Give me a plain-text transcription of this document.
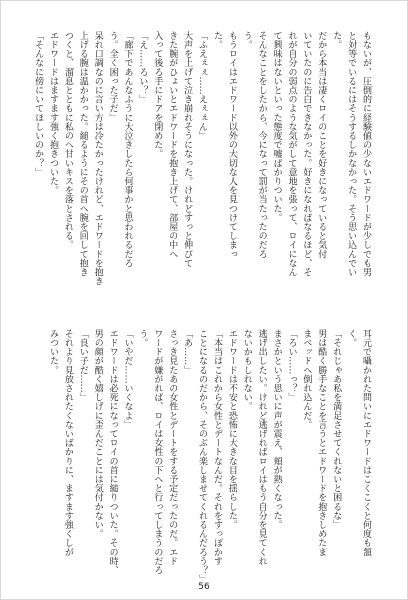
もないが、圧倒的に経験値の少ないエドワードが少しでも男

と対等でいるにはそうするしかなかった。そう思い込んでい

た。

だから本当は凄くロイのことを好きになっていると気付

いていたのに告白できなかった。好きになればなるほど、そ

れが自分の弱点のような気がして意地を張って、ロイになん

て興味はないといった態度で嘘ばかりついた。

そんなことをしたから、今になって罰が当たったのだろ

う。

もうロイはエドワード以外の大切な人を見つけてしまっ

た。

「ふえぇぇ……えぇぇん」

大声を上げて泣き崩れそうになった。けれどすっと伸びて

きた腕がひょいとエドワードを抱き上げて、部屋の中へ

入って後ろ手にドアを閉めた。

「え……ろい？」

「廊下であんなふうに大泣きしたら何事かと思われるだろ

う。全く困った子だ」

呆れ口調なのに言い方は冷たかったけれど、エドワードを抱き

上げる腕は温かかった。縋るようにその首へ腕を回して抱き

つくと、溜息とともに私のヘ甘いキスを落とされる。

エドワードはますます強く抱きついた。

「そんなに傍にいてほしいのか？」

耳元で囁かれた問いにエドワードはこくこくと何度も頷

く。

「それじゃあ私を満足させてくれないと困るな」

男は酷く勝手なことを言うとエドワードを抱きしめたま

まベッドへ倒れ込んだ。

「ろい……っ？」

まさかという思いに声が震え、頬が熱くなった。

逃げ出したい。けれど逃げればロイはもう自分を見てくれ

ないかもしれない。

エドワードは不安と恐怖に大きな目を揺らした。

「本当はこれから女性とデートなんだ。それをすっぽかす

ことになるのだから、そのぶん楽しませてくれるんだろう？」

「あ……」

さっき見たあの女性とデートをする予定だったのだ。エド

ワードが嫌がれば、ロイは女性の下へと行ってしまうのだろ

う。

「いやだ……いくなよ」

エドワードは必死になってロイの首に縋りついた。その時、

男の顔が酷く嬉しげに歪んだことには気付かない。

「良い子だ……」

それより見放されたくないばかりに、ますます強くしが

みついた。

56
